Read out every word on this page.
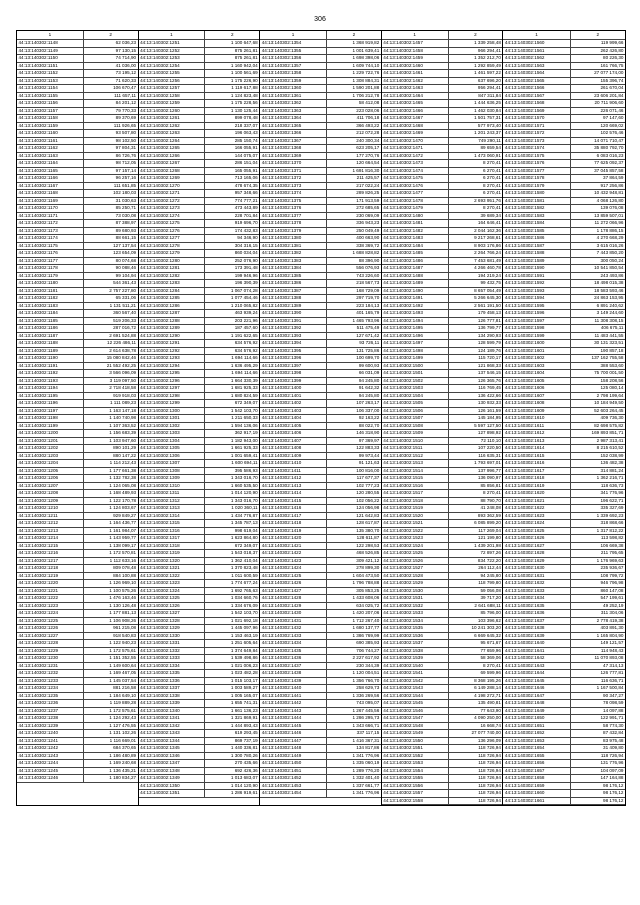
306
1	2
44:13:140302:1148	62 036,23
44:13:140302:1149	97 130,15
44:13:140302:1150	74 714,90
44:13:140302:1151	41 036,00
44:13:140302:1152	73 195,12
44:13:140302:1153	71 620,33
44:13:140302:1154	106 670,47
44:13:140302:1155	111 657,11
44:13:140302:1156	84 201,12
44:13:140302:1157	79 770,33
44:13:140302:1158	89 370,69
44:13:140302:1159	111 926,65
44:13:140302:1160	93 507,80
44:13:140302:1161	98 102,50
44:13:140302:1162	97 804,31
44:13:140302:1163	86 726,76
44:13:140302:1164	98 712,05
44:13:140302:1165	97 157,14
44:13:140302:1166	96 257,16
44:13:140302:1167	111 651,85
44:13:140302:1168	102 180,03
44:13:140302:1169	31 030,63
44:13:140302:1170	85 250,71
44:13:140302:1171	73 030,08
44:13:140302:1172	87 388,97
44:13:140302:1173	89 680,93
44:13:140302:1174	88 661,15
44:13:140302:1175	127 137,54
44:13:140302:1176	123 654,09
44:13:140302:1177	80 074,68
44:13:140302:1178	90 088,46
44:13:140302:1179	99 104,94
44:13:140302:1180	544 361,43
44:13:140302:1181	2 757 227,80
44:13:140302:1182	65 331,06
44:13:140302:1183	1 131 511,21
44:13:140302:1184	360 567,40
44:13:140302:1185	519 206,33
44:13:140302:1186	287 016,72
44:13:140302:1187	2 691 524,88
44:13:140302:1188	12 226 486,11
44:13:140302:1189	2 614 638,78
44:13:140302:1190	15 080 842,46
44:13:140302:1191	21 552 492,25
44:13:140302:1192	3 566 096,09
44:13:140302:1193	3 119 097,50
44:13:140302:1194	2 718 418,58
44:13:140302:1195	919 918,03
44:13:140302:1196	1 111 089,23
44:13:140302:1197	1 163 147,18
44:13:140302:1198	1 140 740,98
44:13:140302:1199	1 107 363,52
44:13:140302:1200	1 156 683,39
44:13:140302:1201	1 103 947,60
44:13:140302:1202	890 101,29
44:13:140302:1203	880 147,22
44:13:140302:1204	1 114 212,43
44:13:140302:1205	1 177 661,38
44:13:140302:1206	1 132 782,38
44:13:140302:1207	1 124 065,08
44:13:140302:1208	1 168 489,93
44:13:140302:1209	1 122 170,78
44:13:140302:1210	1 124 803,67
44:13:140302:1211	929 849,27
44:13:140302:1212	1 164 436,77
44:13:140302:1213	1 161 984,07
44:13:140302:1214	1 143 959,77
44:13:140302:1215	1 138 099,17
44:13:140302:1216	1 172 570,81
44:13:140302:1217	1 112 633,16
44:13:140302:1218	809 078,48
44:13:140302:1219	884 100,88
44:13:140302:1220	1 126 969,10
44:13:140302:1221	1 100 575,26
44:13:140302:1222	1 476 163,46
44:13:140302:1223	1 130 126,48
44:13:140302:1224	1 177 881,13
44:13:140302:1225	1 106 908,26
44:13:140302:1226	961 215,08
44:13:140302:1227	918 540,83
44:13:140302:1228	1 122 940,23
44:13:140302:1229	1 172 575,61
44:13:140302:1230	1 151 352,55
44:13:140302:1231	1 149 600,64
44:13:140302:1232	1 169 467,05
44:13:140302:1233	1 145 037,54
44:13:140302:1234	881 216,58
44:13:140302:1235	1 184 649,10
44:13:140302:1236	1 119 889,28
44:13:140302:1237	1 172 575,61
44:13:140302:1238	1 124 292,43
44:13:140302:1239	1 127 476,55
44:13:140302:1240	1 131 102,26
44:13:140302:1241	1 116 669,01
44:13:140302:1242	684 370,65
44:13:140302:1243	1 186 480,89
44:13:140302:1244	1 169 240,68
44:13:140302:1245	1 136 435,21
44:13:140302:1246	1 180 834,27
1	2
44:13:140302:1251	1 100 647,68
44:13:140302:1252	875 261,81
44:13:140302:1253	875 261,81
44:13:140302:1254	1 160 942,04
44:13:140302:1255	1 100 561,69
44:13:140302:1256	1 175 226,90
44:13:140302:1257	1 119 617,88
44:13:140302:1258	1 124 823,48
44:13:140302:1259	1 175 228,56
44:13:140302:1260	1 130 125,44
44:13:140302:1261	899 078,48
44:13:140302:1262	218 337,07
44:13:140302:1263	196 063,43
44:13:140302:1264	285 150,74
44:13:140302:1265	166 055,91
44:13:140302:1266	144 075,07
44:13:140302:1267	286 151,04
44:13:140302:1268	165 055,91
44:13:140302:1269	713 165,06
44:13:140302:1270	478 674,35
44:13:140302:1271	957 348,66
44:13:140302:1272	774 777,21
44:13:140302:1273	473 443,89
44:13:140302:1274	228 701,84
44:13:140302:1275	919 696,70
44:13:140302:1276	174 432,83
44:13:140302:1277	94 346,90
44:13:140302:1278	304 316,15
44:13:140302:1279	860 034,04
44:13:140302:1280	252 076,90
44:13:140302:1281	173 391,48
44:13:140302:1282	199 946,96
44:13:140302:1283	196 390,39
44:13:140302:1284	1 067 074,28
44:13:140302:1285	1 077 454,46
44:13:140302:1286	1 210 065,82
44:13:140302:1287	463 939,24
44:13:140302:1288	203 221,96
44:13:140302:1289	187 457,60
44:13:140302:1290	1 191 622,65
44:13:140302:1291	634 576,92
44:13:140302:1292	634 576,92
44:13:140302:1293	1 694 114,66
44:13:140302:1294	1 636 495,29
44:13:140302:1295	1 694 114,66
44:13:140302:1296	1 664 330,39
44:13:140302:1297	1 681 925,33
44:13:140302:1298	1 680 824,59
44:13:140302:1299	672 349,07
44:13:140302:1300	1 542 103,70
44:13:140302:1301	1 211 650,33
44:13:140302:1302	1 594 136,06
44:13:140302:1303	362 917,19
44:13:140302:1304	1 182 943,00
44:13:140302:1305	1 661 925,33
44:13:140302:1306	1 001 659,41
44:13:140302:1307	1 600 694,11
44:13:140302:1308	395 586,93
44:13:140302:1309	1 343 016,70
44:13:140302:1310	1 660 535,50
44:13:140302:1311	1 014 120,90
44:13:140302:1312	1 343 016,70
44:13:140302:1313	1 020 360,11
44:13:140302:1314	1 434 776,87
44:13:140302:1315	1 345 787,13
44:13:140302:1316	998 619,04
44:13:140302:1317	1 623 864,80
44:13:140302:1318	672 349,07
44:13:140302:1319	1 543 018,37
44:13:140302:1320	1 362 410,04
44:13:140302:1321	1 370 823,48
44:13:140302:1322	1 011 600,59
44:13:140302:1323	1 774 677,24
44:13:140302:1324	1 692 765,63
44:13:140302:1325	1 034 660,76
44:13:140302:1326	1 334 676,09
44:13:140302:1327	1 542 103,70
44:13:140302:1328	1 021 692,18
44:13:140302:1329	1 445 097,96
44:13:140302:1330	1 153 463,19
44:13:140302:1331	1 251 605,64
44:13:140302:1332	1 374 649,84
44:13:140302:1333	1 539 498,86
44:13:140302:1334	1 021 006,23
44:13:140302:1335	1 023 482,28
44:13:140302:1336	1 015 103,17
44:13:140302:1337	1 003 589,27
44:13:140302:1338	1 005 165,07
44:13:140302:1339	1 655 741,31
44:13:140302:1340	1 661 136,23
44:13:140302:1341	1 321 869,91
44:13:140302:1342	1 444 893,43
44:13:140302:1343	619 293,45
44:13:140302:1344	869 737,19
44:13:140302:1345	1 440 336,81
44:13:140302:1346	1 300 780,26
44:13:140302:1347	270 435,66
44:13:140302:1348	692 426,36
44:13:140302:1349	1 013 683,07
44:13:140302:1350	1 014 120,90
44:13:140302:1351	1 286 919,61
1	2
44:13:140302:1354	1 368 919,82
44:13:140302:1355	1 001 639,41
44:13:140302:1356	1 698 398,06
44:13:140302:1357	1 609 744,10
44:13:140302:1358	1 229 722,76
44:13:140302:1359	1 308 884,31
44:13:140302:1360	1 590 201,88
44:13:140302:1361	1 706 212,78
44:13:140302:1362	58 412,08
44:13:140302:1363	223 028,06
44:13:140302:1364	411 706,18
44:13:140302:1365	366 493,22
44:13:140302:1366	212 072,28
44:13:140302:1367	240 300,34
44:13:140302:1368	623 205,17
44:13:140302:1369	177 270,76
44:13:140302:1370	120 664,54
44:13:140302:1371	1 691 816,30
44:13:140302:1372	211 425,57
44:13:140302:1373	217 022,24
44:13:140302:1374	289 826,25
44:13:140302:1375	171 913,59
44:13:140302:1376	272 685,65
44:13:140302:1377	230 069,09
44:13:140302:1378	336 943,23
44:13:140302:1379	250 049,49
44:13:140302:1380	400 663,90
44:13:140302:1381	338 369,72
44:13:140302:1382	1 688 828,82
44:13:140302:1383	88 396,90
44:13:140302:1384	556 076,93
44:13:140302:1385	743 226,60
44:13:140302:1386	218 567,73
44:13:140302:1387	168 729,09
44:13:140302:1388	297 719,70
44:13:140302:1389	223 184,13
44:13:140302:1390	401 165,79
44:13:140302:1391	1 465 793,96
44:13:140302:1392	511 475,49
44:13:140302:1393	127 671,42
44:13:140302:1394	93 726,11
44:13:140302:1395	131 725,86
44:13:140302:1396	100 699,70
44:13:140302:1397	99 600,93
44:13:140302:1398	66 031,09
44:13:140302:1399	94 245,80
44:13:140302:1400	91 642,32
44:13:140302:1401	94 245,80
44:13:140302:1402	107 263,17
44:13:140302:1403	106 337,00
44:13:140302:1404	92 163,22
44:13:140302:1405	88 022,70
44:13:140302:1406	146 318,90
44:13:140302:1407	97 369,97
44:13:140302:1408	122 883,33
44:13:140302:1409	99 973,44
44:13:140302:1410	91 121,63
44:13:140302:1411	100 816,00
44:13:140302:1412	117 677,37
44:13:140302:1413	102 777,23
44:13:140302:1414	120 280,55
44:13:140302:1415	102 056,22
44:13:140302:1416	124 056,98
44:13:140302:1417	121 642,83
44:13:140302:1418	128 617,87
44:13:140302:1419	135 380,70
44:13:140302:1420	128 611,87
44:13:140302:1421	122 298,53
44:13:140302:1422	468 526,85
44:13:140302:1423	309 421,12
44:13:140302:1424	278 899,30
44:13:140302:1425	1 604 473,50
44:13:140302:1426	1 796 788,88
44:13:140302:1427	305 853,25
44:13:140302:1428	1 433 608,06
44:13:140302:1429	634 025,72
44:13:140302:1430	1 420 207,06
44:13:140302:1431	1 712 267,40
44:13:140302:1432	1 680 137,77
44:13:140302:1433	1 386 769,99
44:13:140302:1434	690 385,93
44:13:140302:1435	706 744,27
44:13:140302:1436	2 227 617,92
44:13:140302:1437	230 344,39
44:13:140302:1438	1 120 004,51
44:13:140302:1439	1 356 766,70
44:13:140302:1440	258 629,73
44:13:140302:1441	1 336 269,56
44:13:140302:1442	743 095,07
44:13:140302:1443	1 267 445,56
44:13:140302:1444	1 286 295,73
44:13:140302:1445	1 343 666,71
44:13:140302:1446	337 117,15
44:13:140302:1447	1 416 367,31
44:13:140302:1448	134 817,86
44:13:140302:1449	1 341 776,96
44:13:140302:1450	1 335 060,19
44:13:140302:1451	1 289 776,20
44:13:140302:1452	1 332 401,40
44:13:140302:1453	1 337 661,77
44:13:140302:1454	1 341 776,96
1	2
44:13:140302:1457	1 339 258,48
44:13:140302:1458	966 294,41
44:13:140302:1459	1 352 212,70
44:13:140302:1460	1 292 859,49
44:13:140302:1461	1 461 597,22
44:13:140302:1462	637 696,20
44:13:140302:1463	956 294,41
44:13:140302:1464	847 311,84
44:13:140302:1465	1 444 636,25
44:13:140302:1466	1 462 030,84
44:13:140302:1467	1 501 757,31
44:13:140302:1468	577 973,40
44:13:140302:1469	1 201 243,37
44:13:140302:1470	749 290,11
44:13:140302:1471	89 659,54
44:13:140302:1472	1 473 060,91
44:13:140302:1473	8 270,41
44:13:140302:1474	6 270,41
44:13:140302:1475	6 270,41
44:13:140302:1476	8 270,41
44:13:140302:1477	6 270,41
44:13:140302:1478	2 693 951,76
44:13:140302:1479	8 270,41
44:13:140302:1480	39 689,34
44:13:140302:1481	164 646,41
44:13:140302:1482	2 044 162,36
44:13:140302:1483	9 217 268,61
44:13:140302:1484	8 903 176,86
44:13:140302:1485	2 264 766,24
44:13:140302:1486	7 453 681,49
44:13:140302:1487	4 266 460,78
44:13:140302:1488	194 219,24
44:13:140302:1489	99 432,75
44:13:140302:1490	8 657 054,49
44:13:140302:1491	5 266 645,30
44:13:140302:1492	2 561 191,50
44:13:140302:1493	179 458,13
44:13:140302:1494	126 777,81
44:13:140302:1495	136 799,77
44:13:140302:1496	134 290,93
44:13:140302:1497	128 599,79
44:13:140302:1498	124 189,76
44:13:140302:1499	115 720,17
44:13:140302:1500	121 868,33
44:13:140302:1501	137 546,15
44:13:140302:1502	126 365,76
44:13:140302:1503	116 769,45
44:13:140302:1504	136 422,66
44:13:140302:1505	130 932,33
44:13:140302:1506	126 161,59
44:13:140302:1507	145 184,95
44:13:140302:1508	5 597 127,50
44:13:140302:1509	127 898,92
44:13:140302:1510	72 110,10
44:13:140302:1511	107 220,50
44:13:140302:1512	116 635,31
44:13:140302:1513	1 793 697,01
44:13:140302:1514	137 996,77
44:13:140302:1515	136 090,97
44:13:140302:1516	85 856,81
44:13:140302:1517	8 270,41
44:13:140302:1518	88 790,70
44:13:140302:1519	41 248,08
44:13:140302:1520	893 362,59
44:13:140302:1521	6 085 899,20
44:13:140302:1522	117 269,04
44:13:140302:1523	121 199,80
44:13:140302:1524	1 439 201,98
44:13:140302:1525	72 897,26
44:13:140302:1526	834 722,20
44:13:140302:1527	264 112,44
44:13:140302:1528	94 245,80
44:13:140302:1529	118 799,80
44:13:140302:1530	59 056,08
44:13:140302:1531	39 717,20
44:13:140302:1532	2 641 688,11
44:13:140302:1533	85 796,00
44:13:140302:1534	103 396,62
44:13:140302:1535	10 241 303,20
44:13:140302:1536	6 669 645,32
44:13:140302:1537	95 671,67
44:13:140302:1538	77 659,96
44:13:140302:1539	58 369,06
44:13:140302:1540	8 270,41
44:13:140302:1541	69 599,96
44:13:140302:1542	8 368 195,26
44:13:140302:1543	6 149 288,14
44:13:140302:1544	4 198 272,71
44:13:140302:1545	135 490,81
44:13:140302:1546	77 643,90
44:13:140302:1547	4 090 250,00
44:13:140302:1548	16 668,74
44:13:140302:1549	27 077 740,00
44:13:140302:1550	136 296,09
44:13:140302:1551	118 726,94
44:13:140302:1552	118 726,94
44:13:140302:1553	118 726,94
44:13:140302:1554	118 726,94
44:13:140302:1555	118 726,94
44:13:140302:1556	118 726,94
44:13:140302:1557	118 726,94
44:13:140302:1558	118 726,94
1	2
44:13:140302:1560	119 999,66
44:13:140302:1561	262 426,80
44:13:140302:1562	80 226,30
44:13:140302:1563	161 766,75
44:13:140302:1564	27 077 174,00
44:13:140302:1565	155 396,74
44:13:140302:1566	261 670,04
44:13:140302:1567	23 606 201,84
44:13:140302:1568	20 711 906,60
44:13:140302:1569	226 071,46
44:13:140302:1570	97 147,60
44:13:140302:1571	120 669,02
44:13:140302:1572	102 576,46
44:13:140302:1573	14 071 710,47
44:13:140302:1574	35 880 792,70
44:13:140302:1575	6 083 016,23
44:13:140302:1576	77 625 092,37
44:13:140302:1577	37 045 857,58
44:13:140302:1578	37 864,59
44:13:140302:1579	917 256,86
44:13:140302:1580	10 432 948,81
44:13:140302:1581	4 068 126,80
44:13:140302:1582	139 076,08
44:13:140302:1583	13 859 507,01
44:13:140302:1584	11 272 066,96
44:13:140302:1585	1 178 886,15
44:13:140302:1586	4 270 668,29
44:13:140302:1587	3 615 016,26
44:13:140302:1588	7 443 850,20
44:13:140302:1589	300 050,24
44:13:140302:1590	10 541 850,54
44:13:140302:1591	243 493,86
44:13:140302:1592	18 498 015,38
44:13:140302:1593	18 583 593,46
44:13:140302:1594	24 863 153,95
44:13:140302:1595	6 891 240,62
44:13:140302:1596	3 149 244,60
44:13:140302:1597	11 308 308,15
44:13:140302:1598	406 675,11
44:13:140302:1599	11 483 441,55
44:13:140302:1600	30 131 323,51
44:13:140302:1601	190 857,18
44:13:140302:1602	137 162 755,58
44:13:140302:1603	388 553,60
44:13:140302:1604	75 700 001,50
44:13:140302:1605	158 208,56
44:13:140302:1606	125 080,14
44:13:140302:1607	2 798 199,64
44:13:140302:1608	10 184 949,50
44:13:140302:1609	52 603 264,45
44:13:140302:1610	409 736,30
44:13:140302:1611	82 698 575,82
44:13:140302:1612	169 893 851,71
44:13:140302:1613	2 987 313,41
44:13:140302:1614	8 215 610,52
44:13:140302:1615	152 038,99
44:13:140302:1616	136 482,38
44:13:140302:1617	314 881,24
44:13:140302:1618	1 362 216,71
44:13:140302:1619	118 636,73
44:13:140302:1620	341 776,96
44:13:140302:1621	196 622,71
44:13:140302:1622	335 327,69
44:13:140302:1623	1 339 692,23
44:13:140302:1624	318 868,66
44:13:140302:1625	1 317 812,22
44:13:140302:1626	113 598,82
44:13:140302:1627	106 669,38
44:13:140302:1628	211 795,65
44:13:140302:1629	1 176 969,63
44:13:140302:1630	235 936,67
44:13:140302:1631	108 799,72
44:13:140302:1632	946 796,98
44:13:140302:1633	860 147,08
44:13:140302:1634	547 199,61
44:13:140302:1635	49 252,19
44:13:140302:1636	311 304,06
44:13:140302:1637	2 778 419,38
44:13:140302:1638	403 891,30
44:13:140302:1639	1 165 804,90
44:13:140302:1640	149 121,57
44:13:140302:1641	114 948,43
44:13:140302:1642	11 070 893,08
44:13:140302:1643	47 314,13
44:13:140302:1644	126 777,81
44:13:140302:1645	116 636,71
44:13:140302:1646	1 167 500,84
44:13:140302:1647	90 347,27
44:13:140302:1648	78 098,59
44:13:140302:1649	14 097,88
44:13:140302:1650	122 991,71
44:13:140302:1651	58 774,30
44:13:140302:1652	87 432,84
44:13:140302:1653	83 975,48
44:13:140302:1654	31 409,80
44:13:140302:1655	118 726,94
44:13:140302:1656	131 776,96
44:13:140302:1657	104 097,09
44:13:140302:1658	147 164,88
44:13:140302:1659	98 176,12
44:13:140302:1660	98 176,12
44:13:140302:1661	98 176,12
